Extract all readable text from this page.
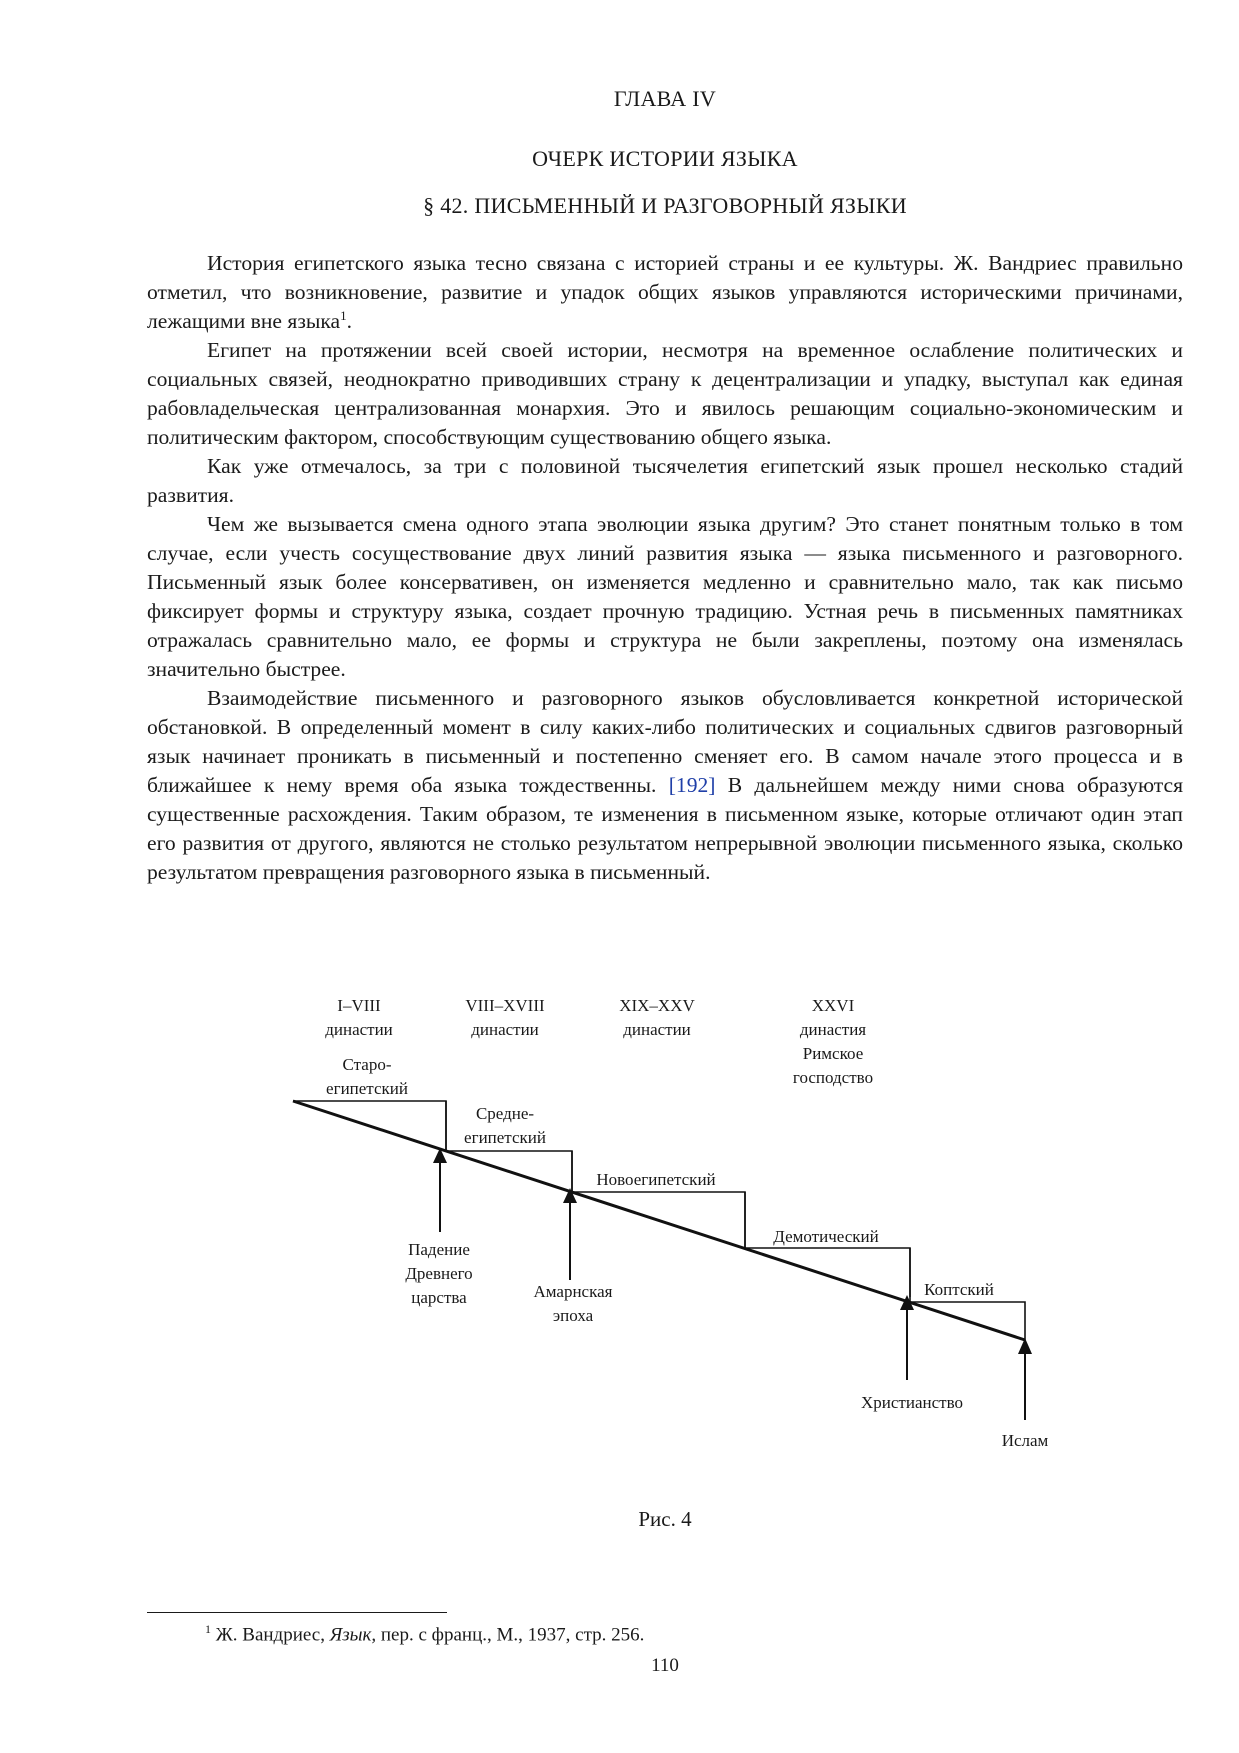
ГЛАВА IV
ОЧЕРК ИСТОРИИ ЯЗЫКА
§ 42. ПИСЬМЕННЫЙ И РАЗГОВОРНЫЙ ЯЗЫКИ

История египетского языка тесно связана с историей страны и ее культуры. Ж. Вандриес правильно отметил, что возникновение, развитие и упадок общих языков управляются историческими причинами, лежащими вне языка$^1$.

Египет на протяжении всей своей истории, несмотря на временное ослабление политических и социальных связей, неоднократно приводивших страну к децентрализации и упадку, выступал как единая рабовладельческая централизованная монархия. Это и явилось решающим социально-экономическим и политическим фактором, способствующим существованию общего языка.

Как уже отмечалось, за три с половиной тысячелетия египетский язык прошел несколько стадий развития.

Чем же вызывается смена одного этапа эволюции языка другим? Это станет понятным только в том случае, если учесть сосуществование двух линий развития языка — языка письменного и разговорного. Письменный язык более консервативен, он изменяется медленно и сравнительно мало, так как письмо фиксирует формы и структуру языка, создает прочную традицию. Устная речь в письменных памятниках отражалась сравнительно мало, ее формы и структура не были закреплены, поэтому она изменялась значительно быстрее.

Взаимодействие письменного и разговорного языков обусловливается конкретной исторической обстановкой. В определенный момент в силу каких-либо политических и социальных сдвигов разговорный язык начинает проникать в письменный и постепенно сменяет его. В самом начале этого процесса и в ближайшее к нему время оба языка тождественны. [192] В дальнейшем между ними снова образуются существенные расхождения. Таким образом, те изменения в письменном языке, которые отличают один этап его развития от другого, являются не столько результатом непрерывной эволюции письменного языка, сколько результатом превращения разговорного языка в письменный.

I–VIII
династии
VIII–XVIII
династии
XIX–XXV
династии
XXVI
династия
Римское
господство
Старо-
египетский
Средне-
египетский
Новоегипетский
Демотический
Коптский
Падение
Древнего
царства	Амарнская
эпоха
Христианство
Ислам
Рис. 4
$^1$ Ж. Вандриес, Язык, пер. с франц., М., 1937, стр. 256.
110
